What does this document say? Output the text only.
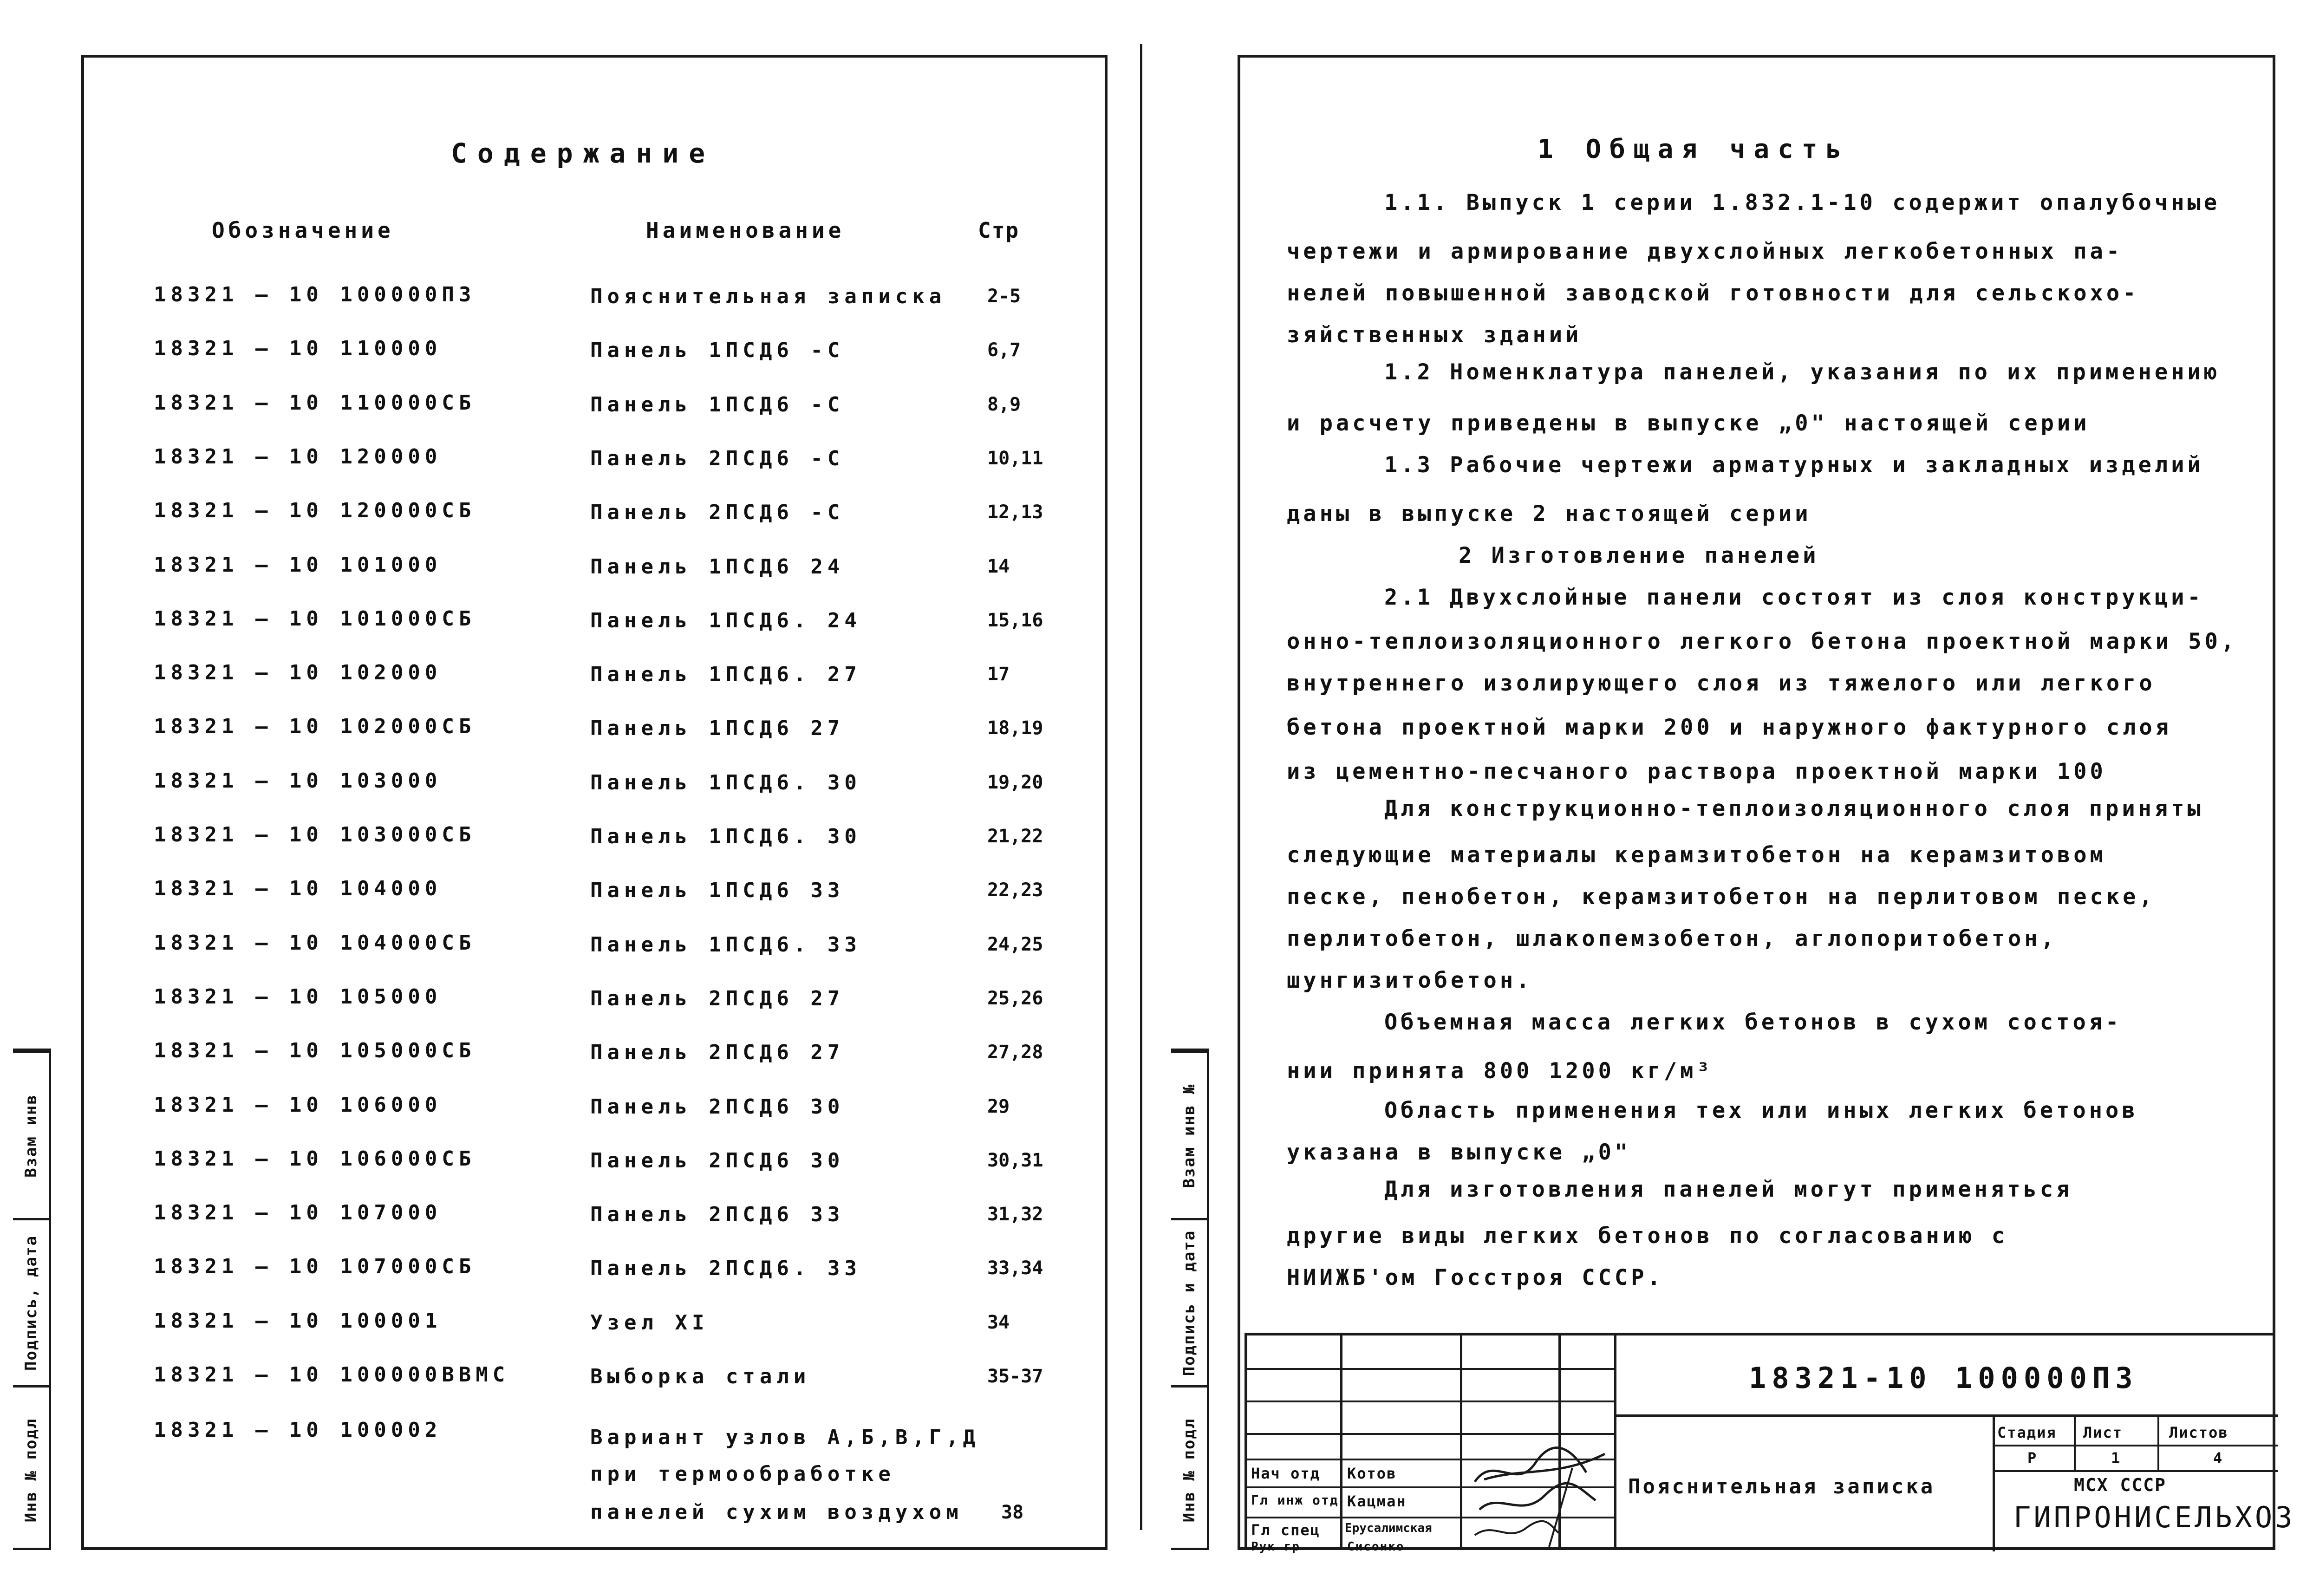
Содержание
Обозначение	Наименование	Стр
18321 — 10 100000ПЗ	Пояснительная записка 2-5
18321 — 10 110000	Панель 1ПСД6 -С	6,7
18321 — 10 110000СБ	Панель 1ПСД6 -С	8,9
18321 — 10 120000	Панель 2ПСД6 -С	10,11
18321 — 10 120000СБ	Панель 2ПСД6 -С	12,13
18321 — 10 101000	Панель 1ПСД6 24	14
18321 — 10 101000СБ	Панель 1ПСД6. 24	15,16
18321 — 10 102000	Панель 1ПСД6. 27	17
18321 — 10 102000СБ	Панель 1ПСД6 27	18,19
18321 — 10 103000	Панель 1ПСД6. 30	19,20
18321 — 10 103000СБ	Панель 1ПСД6. 30	21,22
18321 — 10 104000	Панель 1ПСД6 33	22,23
18321 — 10 104000СБ	Панель 1ПСД6. 33	24,25
18321 — 10 105000	Панель 2ПСД6 27	25,26
18321 — 10 105000СБ	Панель 2ПСД6 27	27,28
18321 — 10 106000	Панель 2ПСД6 30	29
18321 — 10 106000СБ	Панель 2ПСД6 30	30,31
18321 — 10 107000	Панель 2ПСД6 33	31,32
18321 — 10 107000СБ	Панель 2ПСД6. 33	33,34
18321 — 10 100001	Узел XI	34
18321 — 10 100000ВВМС	Выборка стали	35-37
18321 — 10 100002	Вариант узлов А,Б,В,Г,Д
при термообработке
панелей сухим воздухом 38
Взам инв
Подпись, дата
Инв № подл
1 Общая часть
1.1. Выпуск 1 серии 1.832.1-10 содержит опалубочные
чертежи и армирование двухслойных легкобетонных па-
нелей повышенной заводской готовности для сельскохо-
зяйственных зданий
1.2 Номенклатура панелей, указания по их применению
и расчету приведены в выпуске „0" настоящей серии
1.3 Рабочие чертежи арматурных и закладных изделий
даны в выпуске 2 настоящей серии
2 Изготовление панелей
2.1 Двухслойные панели состоят из слоя конструкци-
онно-теплоизоляционного легкого бетона проектной марки 50,
внутреннего изолирующего слоя из тяжелого или легкого
бетона проектной марки 200 и наружного фактурного слоя
из цементно-песчаного раствора проектной марки 100
Для конструкционно-теплоизоляционного слоя приняты
следующие материалы керамзитобетон на керамзитовом
песке, пенобетон, керамзитобетон на перлитовом песке,
перлитобетон, шлакопемзобетон, аглопоритобетон,
шунгизитобетон.
Объемная масса легких бетонов в сухом состоя-
нии принята 800 1200 кг/м³
Область применения тех или иных легких бетонов
указана в выпуске „0"
Для изготовления панелей могут применяться
другие виды легких бетонов по согласованию с
НИИЖБ'ом Госстроя СССР.
Взам инв №
Подпись и дата
Инв № подл
18321-10 100000ПЗ
Пояснительная записка
Стадия Лист	Листов
Р	1	4
МСХ СССР
ГИПРОНИСЕЛЬХОЗ
Нач отд Котов
Гл инж отд Кацман
Гл спец Ерусалимская
Рук гр	Сисонко
